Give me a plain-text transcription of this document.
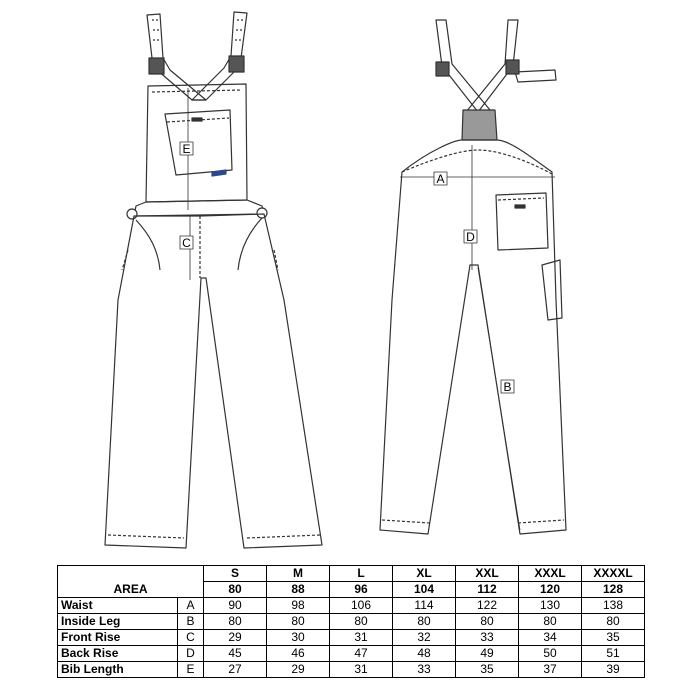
E
C
A
D
B
AREA		S	M	L	XL	XXL	XXXL	XXXXL
		80	88	96	104	112	120	128
Waist	A	90	98	106	114	122	130	138
Inside Leg	B	80	80	80	80	80	80	80
Front Rise	C	29	30	31	32	33	34	35
Back Rise	D	45	46	47	48	49	50	51
Bib Length	E	27	29	31	33	35	37	39
